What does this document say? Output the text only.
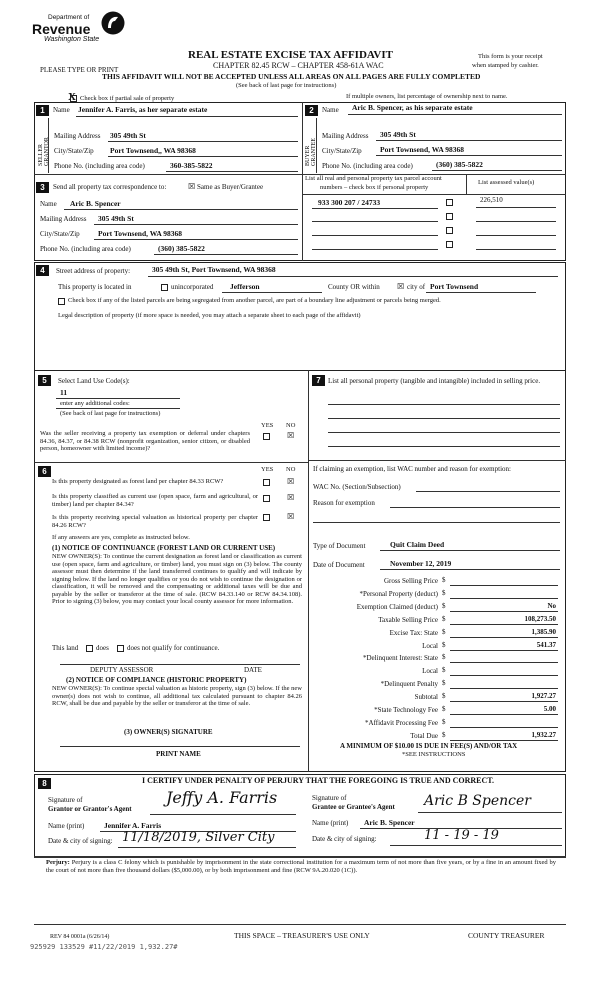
Department of
Revenue
Washington State
REAL ESTATE EXCISE TAX AFFIDAVIT
CHAPTER 82.45 RCW – CHAPTER 458-61A WAC
PLEASE TYPE OR PRINT
This form is your receipt
when stamped by cashier.
THIS AFFIDAVIT WILL NOT BE ACCEPTED UNLESS ALL AREAS ON ALL PAGES ARE FULLY COMPLETED
(See back of last page for instructions)
X Check box if partial sale of property	If multiple owners, list percentage of ownership next to name.
1	Name Jennifer A. Farris, as her separate estate
SELLER GRANTOR
Mailing Address 305 49th St
City/State/Zip Port Townsend,, WA 98368
Phone No. (including area code)	360-385-5822
2	Name Aric B. Spencer, as his separate estate
BUYER GRANTEE
Mailing Address 305 49th St
City/State/Zip Port Townsend, WA 98368
Phone No. (including area code)	(360) 385-5822
3	Send all property tax correspondence to:	☒ Same as Buyer/Grantee
Name Aric B. Spencer
Mailing Address 305 49th St
City/State/Zip Port Townsend, WA 98368
Phone No. (including area code)	(360) 385-5822
List all real and personal property tax parcel account
numbers – check box if personal property
List assessed value(s)
933 300 207 / 24733	226,510
4	Street address of property:	305 49th St, Port Townsend, WA 98368
This property is located in	unincorporated Jefferson	County OR within ☒ city of Port Townsend
Check box if any of the listed parcels are being segregated from another parcel, are part of a boundary line adjustment or parcels being merged.
Legal description of property (if more space is needed, you may attach a separate sheet to each page of the affidavit)
5	Select Land Use Code(s):
11
enter any additional codes:
(See back of last page for instructions)
YES NO
Was the seller receiving a property tax exemption or deferral under chapters 84.36, 84.37, or 84.38 RCW (nonprofit organization, senior citizen, or disabled person, homeowner with limited income)?
☒
6	YES NO
Is this property designated as forest land per chapter 84.33 RCW?	☒
Is this property classified as current use (open space, farm and agricultural, or timber) land per chapter 84.34?
☒
Is this property receiving special valuation as historical property per chapter 84.26 RCW?
☒
If any answers are yes, complete as instructed below.
(1) NOTICE OF CONTINUANCE (FOREST LAND OR CURRENT USE)
NEW OWNER(S): To continue the current designation as forest land or classification as current use (open space, farm and agriculture, or timber) land, you must sign on (3) below. The county assessor must then determine if the land transferred continues to qualify and will indicate by signing below. If the land no longer qualifies or you do not wish to continue the designation or classification, it will be removed and the compensating or additional taxes will be due and payable by the seller or transferor at the time of sale. (RCW 84.33.140 or RCW 84.34.108). Prior to signing (3) below, you may contact your local county assessor for more information.
This land	does	does not qualify for continuance.
DEPUTY ASSESSOR	DATE
(2) NOTICE OF COMPLIANCE (HISTORIC PROPERTY)
NEW OWNER(S): To continue special valuation as historic property, sign (3) below. If the new owner(s) does not wish to continue, all additional tax calculated pursuant to chapter 84.26 RCW, shall be due and payable by the seller or transferor at the time of sale.
(3) OWNER(S) SIGNATURE
PRINT NAME
7	List all personal property (tangible and intangible) included in selling price.
If claiming an exemption, list WAC number and reason for exemption:
WAC No. (Section/Subsection)
Reason for exemption
Type of Document	Quit Claim Deed
Date of Document	November 12, 2019
Gross Selling Price $
*Personal Property (deduct) $
Exemption Claimed (deduct) $	No
Taxable Selling Price $	108,273.50
Excise Tax: State $	1,385.90
Local $	541.37
*Delinquent Interest: State $
Local $
*Delinquent Penalty $
Subtotal $	1,927.27
*State Technology Fee $	5.00
*Affidavit Processing Fee $
Total Due $	1,932.27
A MINIMUM OF $10.00 IS DUE IN FEE(S) AND/OR TAX
*SEE INSTRUCTIONS
8	I CERTIFY UNDER PENALTY OF PERJURY THAT THE FOREGOING IS TRUE AND CORRECT.
Signature of
Grantor or Grantor's Agent
Jeffy A. Farris
Name (print)	Jennifer A. Farris
Date & city of signing: 11/18/2019, Silver City
Signature of
Grantee or Grantee's Agent Aric B Spencer
Name (print) Aric B. Spencer
Date & city of signing:	11 - 19 - 19
Perjury: Perjury is a class C felony which is punishable by imprisonment in the state correctional institution for a maximum term of not more than five years, or by a fine in an amount fixed by the court of not more than five thousand dollars ($5,000.00), or by both imprisonment and fine (RCW 9A.20.020 (1C)).
REV 84 0001a (6/26/14)
925929 133529 #11/22/2019 1,932.27#
THIS SPACE – TREASURER'S USE ONLY	COUNTY TREASURER
